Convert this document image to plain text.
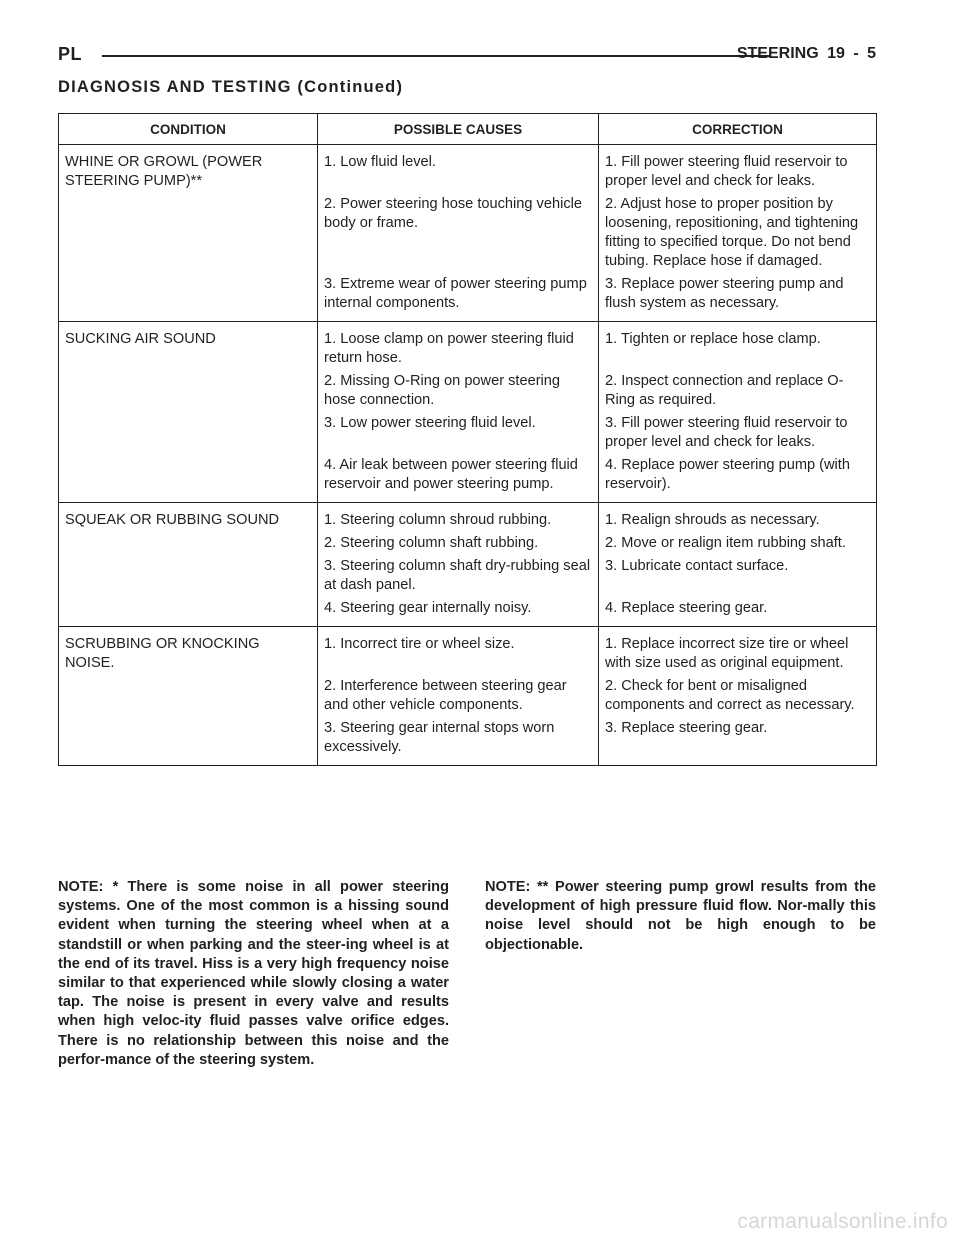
PL	STEERING 19 - 5
DIAGNOSIS AND TESTING (Continued)
CONDITION	POSSIBLE CAUSES	CORRECTION
WHINE OR GROWL (POWER STEERING PUMP)**	1. Low fluid level.	1. Fill power steering fluid reservoir to proper level and check for leaks.
	2. Power steering hose touching vehicle body or frame.	2. Adjust hose to proper position by loosening, repositioning, and tightening fitting to specified torque. Do not bend tubing. Replace hose if damaged.
	3. Extreme wear of power steering pump internal components.	3. Replace power steering pump and flush system as necessary.
SUCKING AIR SOUND	1. Loose clamp on power steering fluid return hose.	1. Tighten or replace hose clamp.
	2. Missing O-Ring on power steering hose connection.	2. Inspect connection and replace O-Ring as required.
	3. Low power steering fluid level.	3. Fill power steering fluid reservoir to proper level and check for leaks.
	4. Air leak between power steering fluid reservoir and power steering pump.	4. Replace power steering pump (with reservoir).
SQUEAK OR RUBBING SOUND	1. Steering column shroud rubbing.	1. Realign shrouds as necessary.
	2. Steering column shaft rubbing.	2. Move or realign item rubbing shaft.
	3. Steering column shaft dry-rubbing seal at dash panel.	3. Lubricate contact surface.
	4. Steering gear internally noisy.	4. Replace steering gear.
SCRUBBING OR KNOCKING NOISE.	1. Incorrect tire or wheel size.	1. Replace incorrect size tire or wheel with size used as original equipment.
	2. Interference between steering gear and other vehicle components.	2. Check for bent or misaligned components and correct as necessary.
	3. Steering gear internal stops worn excessively.	3. Replace steering gear.
NOTE: * There is some noise in all power steering systems. One of the most common is a hissing sound evident when turning the steering wheel when at a standstill or when parking and the steer-ing wheel is at the end of its travel. Hiss is a very high frequency noise similar to that experienced while slowly closing a water tap. The noise is present in every valve and results when high veloc-ity fluid passes valve orifice edges. There is no relationship between this noise and the perfor-mance of the steering system.
NOTE: ** Power steering pump growl results from the development of high pressure fluid flow. Nor-mally this noise level should not be high enough to be objectionable.
carmanualsonline.info
